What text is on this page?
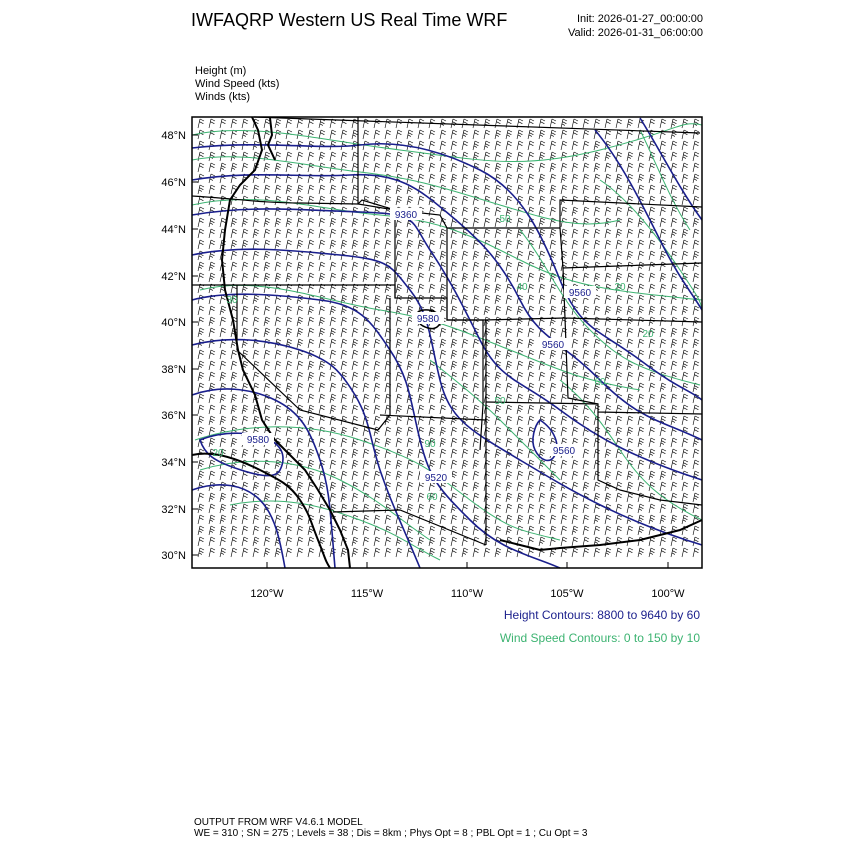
IWFAQRP Western US Real Time WRF	Init: 2026-01-27_00:00:00
Valid: 2026-01-31_06:00:00
Height (m)
Wind Speed (kts)
Winds (kts)
48°N
46°N
44°N
42°N
40°N
38°N
36°N
34°N
32°N
30°N
120°W	115°W	110°W	105°W	100°W
9360
9560
9580
9560
9580
9520
9560
30
20
90
60
50
40
60
20
20
50
Height Contours: 8800 to 9640 by 60
Wind Speed Contours: 0 to 150 by 10
OUTPUT FROM WRF V4.6.1 MODEL
WE = 310 ; SN = 275 ; Levels = 38 ; Dis = 8km ; Phys Opt = 8 ; PBL Opt = 1 ; Cu Opt = 3
